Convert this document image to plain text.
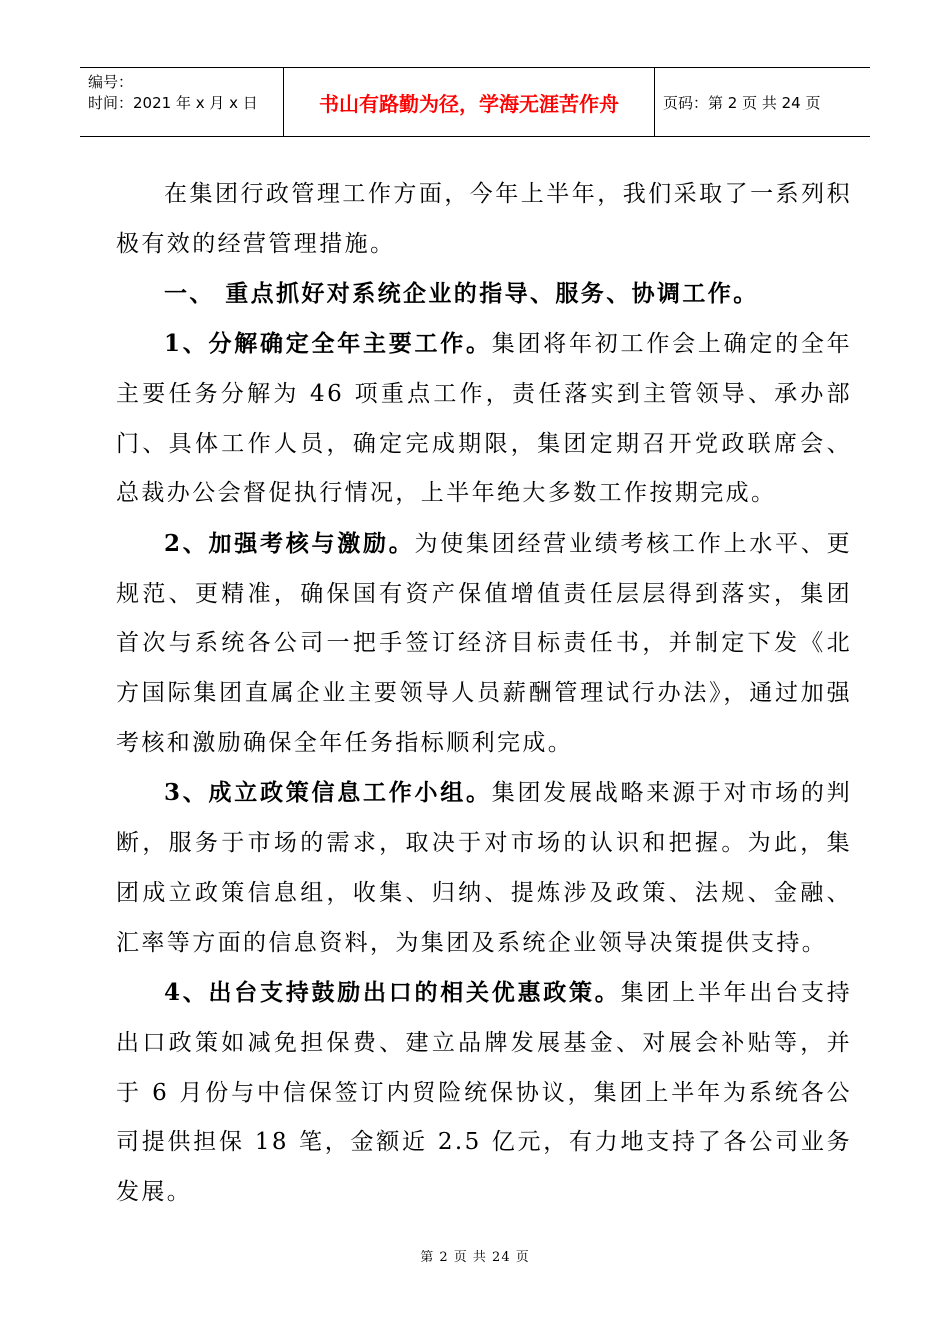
编号：
时间：2021 年 x 月 x 日	书山有路勤为径，学海无涯苦作舟	页码：第 2 页 共 24 页

在集团行政管理工作方面，今年上半年，我们采取了一系列积极有效的经营管理措施。

一、 重点抓好对系统企业的指导、服务、协调工作。

1、分解确定全年主要工作。集团将年初工作会上确定的全年主要任务分解为 46 项重点工作，责任落实到主管领导、承办部门、具体工作人员，确定完成期限，集团定期召开党政联席会、总裁办公会督促执行情况，上半年绝大多数工作按期完成。

2、加强考核与激励。为使集团经营业绩考核工作上水平、更规范、更精准，确保国有资产保值增值责任层层得到落实，集团首次与系统各公司一把手签订经济目标责任书，并制定下发《北方国际集团直属企业主要领导人员薪酬管理试行办法》，通过加强考核和激励确保全年任务指标顺利完成。

3、成立政策信息工作小组。集团发展战略来源于对市场的判断，服务于市场的需求，取决于对市场的认识和把握。为此，集团成立政策信息组，收集、归纳、提炼涉及政策、法规、金融、汇率等方面的信息资料，为集团及系统企业领导决策提供支持。

4、出台支持鼓励出口的相关优惠政策。集团上半年出台支持出口政策如减免担保费、建立品牌发展基金、对展会补贴等，并于 6 月份与中信保签订内贸险统保协议，集团上半年为系统各公司提供担保 18 笔，金额近 2.5 亿元，有力地支持了各公司业务发展。

第 2 页 共 24 页
